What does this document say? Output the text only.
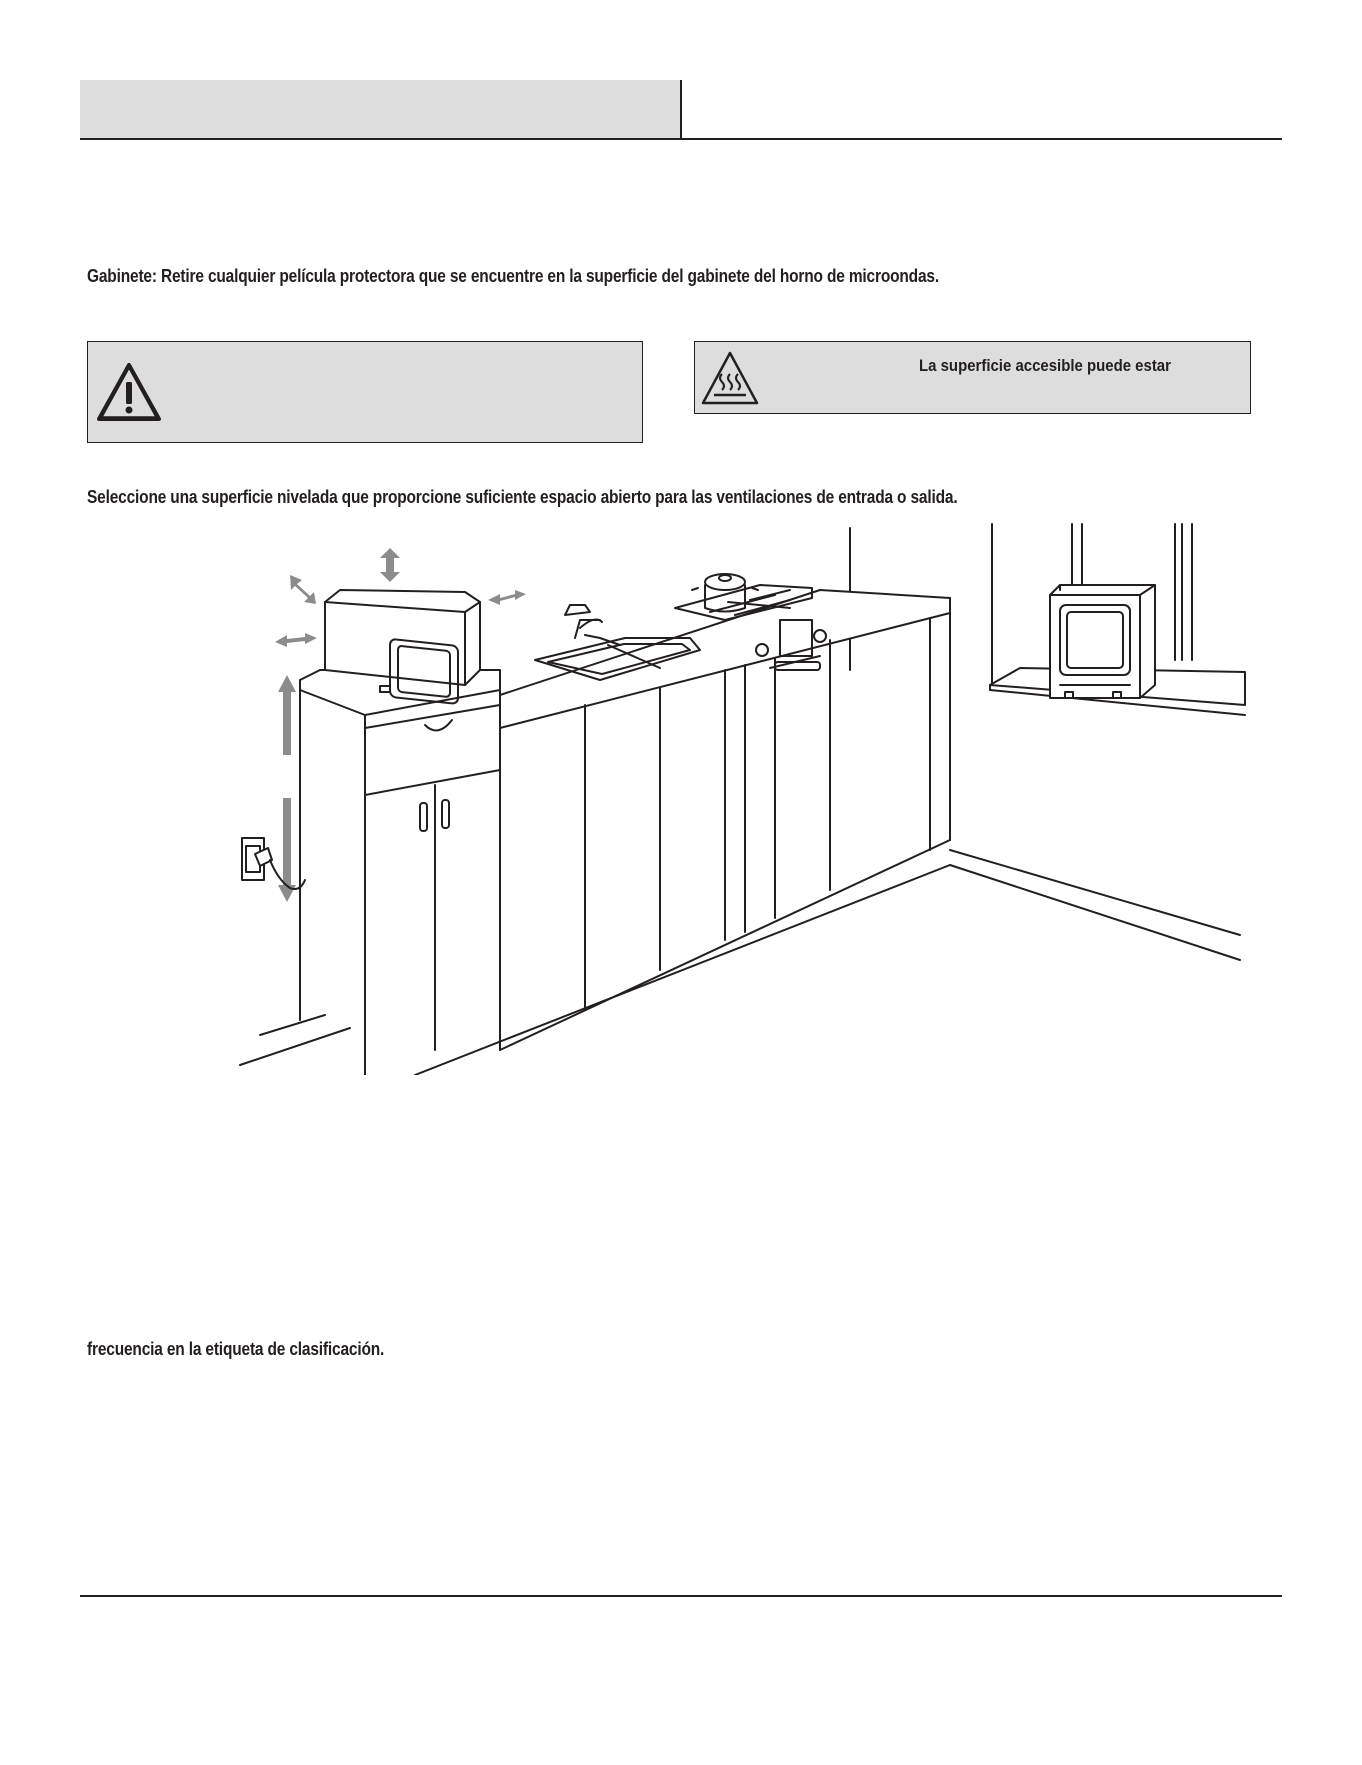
Gabinete: Retire cualquier película protectora que se encuentre en la superficie del gabinete del horno de microondas.
La superficie accesible puede estar
Seleccione una superficie nivelada que proporcione suficiente espacio abierto para las ventilaciones de entrada o salida.
frecuencia en la etiqueta de clasificación.
